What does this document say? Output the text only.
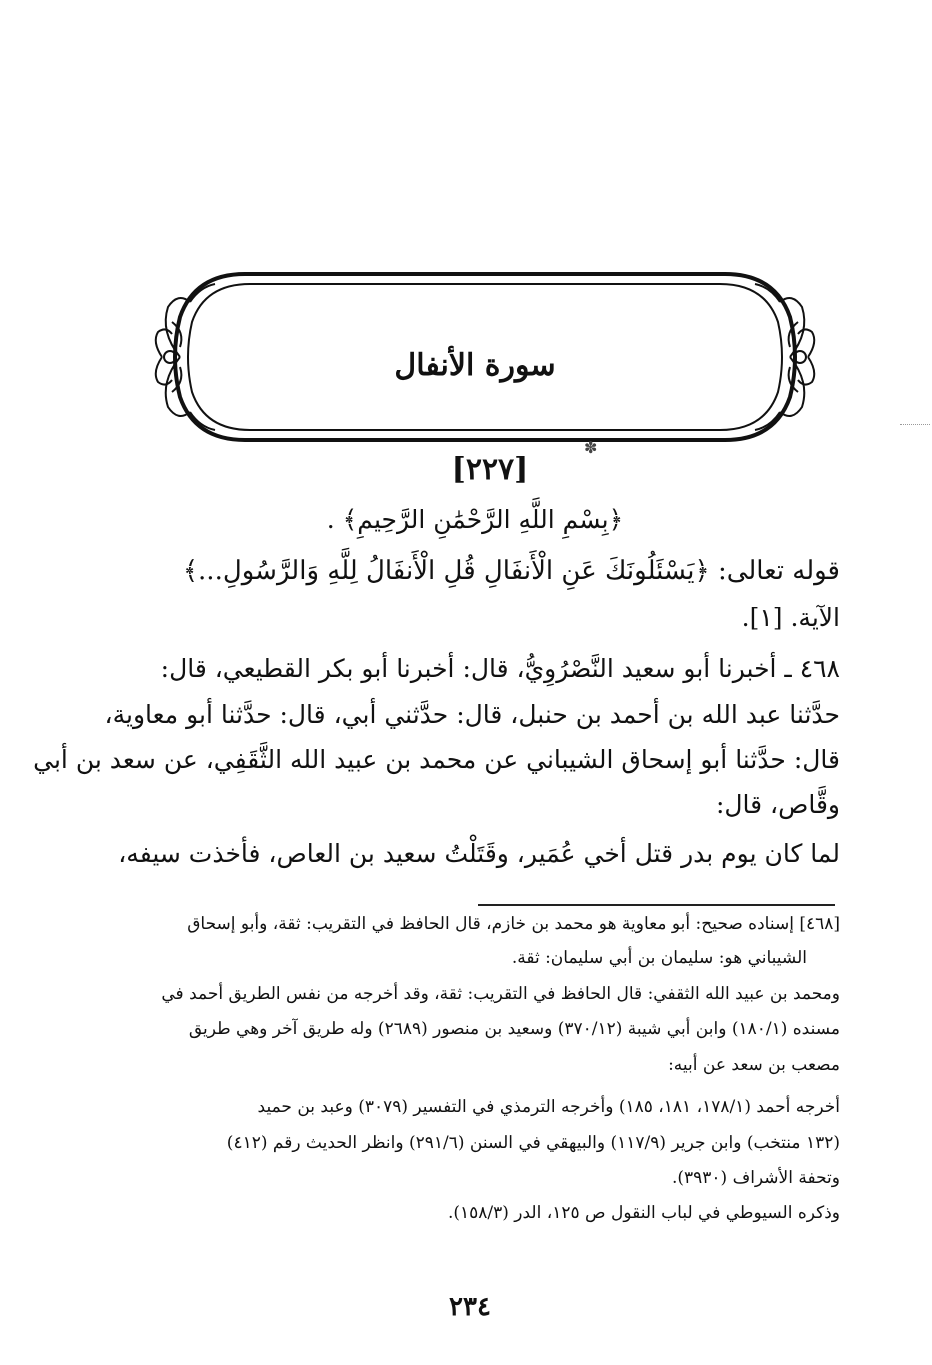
سورة الأنفال
✽
[٢٢٧]
﴿بِسْمِ اللَّهِ الرَّحْمَٰنِ الرَّحِيمِ﴾ .
قوله تعالى: ﴿يَسْئَلُونَكَ عَنِ الْأَنفَالِ قُلِ الْأَنفَالُ لِلَّهِ وَالرَّسُولِ...﴾
الآية. [١].
٤٦٨ ـ أخبرنا أبو سعيد النَّصْرُوِيُّ، قال: أخبرنا أبو بكر القطيعي، قال:
حدَّثنا عبد الله بن أحمد بن حنبل، قال: حدَّثني أبي، قال: حدَّثنا أبو معاوية،
قال: حدَّثنا أبو إسحاق الشيباني عن محمد بن عبيد الله الثَّقَفِي، عن سعد بن أبي
وقَّاص، قال:
لما كان يوم بدر قتل أخي عُمَير، وقَتَلْتُ سعيد بن العاص، فأخذت سيفه،
[٤٦٨] إسناده صحيح: أبو معاوية هو محمد بن خازم، قال الحافظ في التقريب: ثقة، وأبو إسحاق
الشيباني هو: سليمان بن أبي سليمان: ثقة.
ومحمد بن عبيد الله الثقفي: قال الحافظ في التقريب: ثقة، وقد أخرجه من نفس الطريق أحمد في
مسنده (١٨٠/١) وابن أبي شيبة (٣٧٠/١٢) وسعيد بن منصور (٢٦٨٩) وله طريق آخر وهي طريق
مصعب بن سعد عن أبيه:
أخرجه أحمد (١٧٨/١، ١٨١، ١٨٥) وأخرجه الترمذي في التفسير (٣٠٧٩) وعبد بن حميد
(١٣٢ منتخب) وابن جرير (١١٧/٩) والبيهقي في السنن (٢٩١/٦) وانظر الحديث رقم (٤١٢)
وتحفة الأشراف (٣٩٣٠).
وذكره السيوطي في لباب النقول ص ١٢٥، الدر (١٥٨/٣).
٢٣٤
